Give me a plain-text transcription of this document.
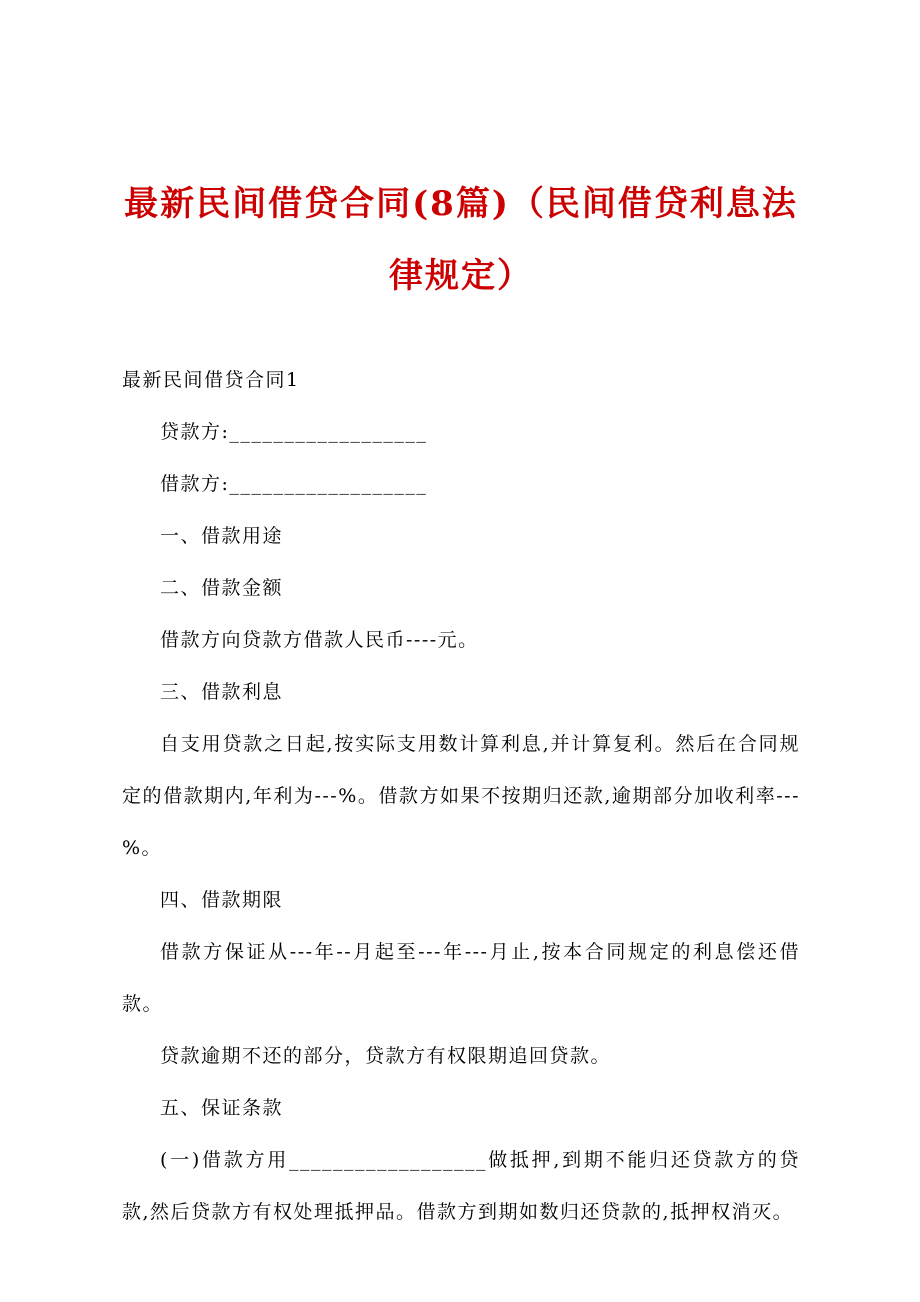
最新民间借贷合同(8篇)（民间借贷利息法律规定）

最新民间借贷合同1

贷款方:__________________

借款方:__________________

一、借款用途

二、借款金额

借款方向贷款方借款人民币----元。

三、借款利息

自支用贷款之日起,按实际支用数计算利息,并计算复利。然后在合同规定的借款期内,年利为---%。借款方如果不按期归还款,逾期部分加收利率---%。

四、借款期限

借款方保证从---年--月起至---年---月止,按本合同规定的利息偿还借款。

贷款逾期不还的部分，贷款方有权限期追回贷款。

五、保证条款

(一)借款方用__________________做抵押,到期不能归还贷款方的贷款,然后贷款方有权处理抵押品。借款方到期如数归还贷款的,抵押权消灭。
